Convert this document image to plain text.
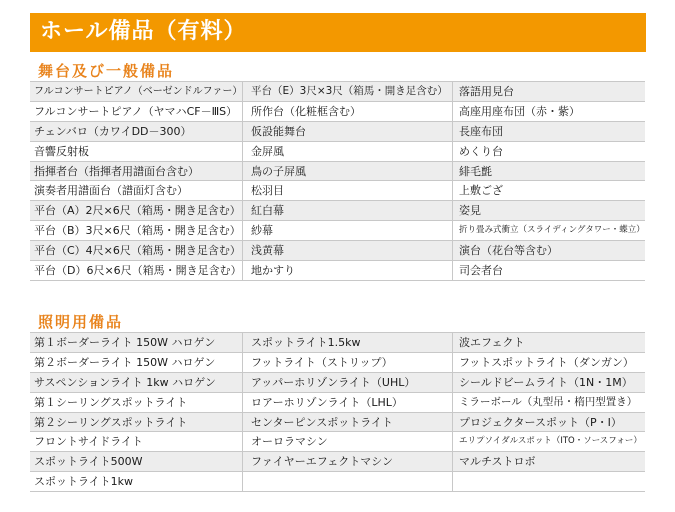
ホール備品（有料）
舞台及び一般備品
フルコンサートピアノ（ベーゼンドルファー） 平台（E）3尺×3尺（箱馬・開き足含む）	落語用見台
フルコンサートピアノ（ヤマハCF－ⅢS）	所作台（化粧框含む）	高座用座布団（赤・紫）
チェンバロ（カワイDD－300）	仮設能舞台	長座布団
音響反射板	金屏風	めくり台
指揮者台（指揮者用譜面台含む）	鳥の子屏風	緋毛氈
演奏者用譜面台（譜面灯含む）	松羽目	上敷ござ
平台（A）2尺×6尺（箱馬・開き足含む） 紅白幕	姿見
平台（B）3尺×6尺（箱馬・開き足含む） 紗幕	折り畳み式衝立（スライディングタワー・蝶立）
平台（C）4尺×6尺（箱馬・開き足含む） 浅黄幕	演台（花台等含む）
平台（D）6尺×6尺（箱馬・開き足含む） 地かすり	司会者台
照明用備品
第１ボーダーライト 150W ハロゲン	スポットライト1.5kw	波エフェクト
第２ボーダーライト 150W ハロゲン	フットライト（ストリップ）	フットスポットライト（ダンガン）
サスペンションライト 1kw ハロゲン	アッパーホリゾンライト（UHL）	シールドビームライト（1N・1M）
第１シーリングスポットライト	ロアーホリゾンライト（LHL）	ミラーボール（丸型吊・楕円型置き）
第２シーリングスポットライト	センターピンスポットライト	プロジェクタースポット（P・I）
フロントサイドライト	オーロラマシン	エリプソイダルスポット（ITO・ソースフォー）
スポットライト500W	ファイヤーエフェクトマシン	マルチストロボ
スポットライト1kw
